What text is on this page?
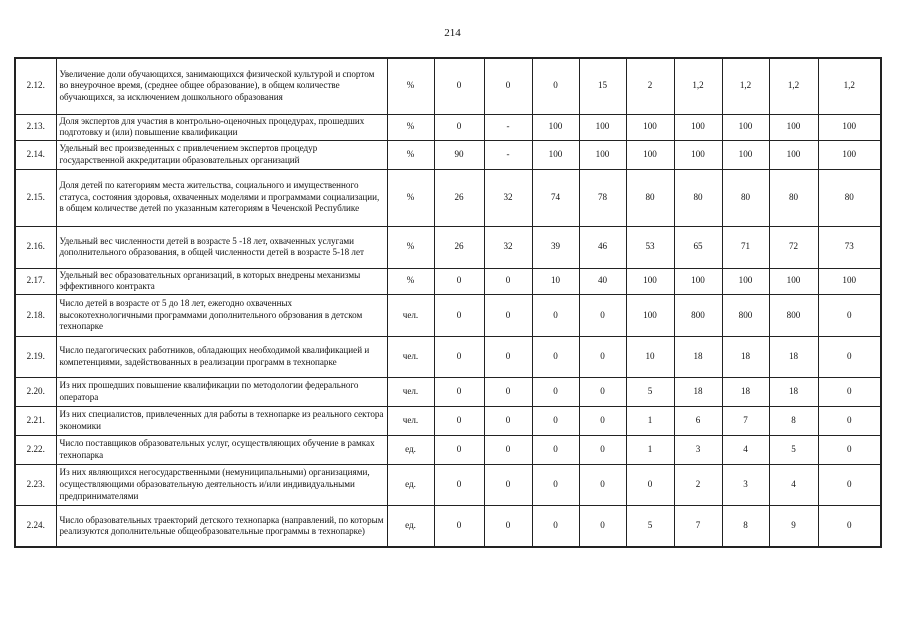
214
2.12.	Увеличение доли обучающихся, занимающихся физической культурой и спортом во внеурочное время, (среднее общее образование), в общем количестве обучающихся, за исключением дошкольного образования	%	0	0	0	15	2	1,2	1,2	1,2	1,2
2.13.	Доля экспертов для участия в контрольно-оценочных процедурах, прошедших подготовку и (или) повышение квалификации	%	0	-	100	100	100	100	100	100	100
2.14.	Удельный вес произведенных с привлечением экспертов процедур государственной аккредитации образовательных организаций	%	90	-	100	100	100	100	100	100	100
2.15.	Доля детей по категориям места жительства, социального и имущественного статуса, состояния здоровья, охваченных моделями и программами социализации, в общем количестве детей по указанным категориям в Чеченской Республике	%	26	32	74	78	80	80	80	80	80
2.16.	Удельный вес численности детей в возрасте 5 -18 лет, охваченных услугами дополнительного образования, в общей численности детей в возрасте 5-18 лет	%	26	32	39	46	53	65	71	72	73
2.17.	Удельный вес образовательных организаций, в которых внедрены механизмы эффективного контракта	%	0	0	10	40	100	100	100	100	100
2.18.	Число детей в возрасте от 5 до 18 лет, ежегодно охваченных высокотехнологичными программами дополнительного обрзования в детском технопарке	чел.	0	0	0	0	100	800	800	800	0
2.19.	Число педагогических работников, обладающих необходимой квалификацией и компетенциями, задействованных в реализации программ в технопарке	чел.	0	0	0	0	10	18	18	18	0
2.20.	Из них прошедших повышение квалификации по методологии федерального оператора	чел.	0	0	0	0	5	18	18	18	0
2.21.	Из них специалистов, привлеченных для работы в технопарке из реального сектора экономики	чел.	0	0	0	0	1	6	7	8	0
2.22.	Число поставщиков образовательных услуг, осуществляющих обучение в рамках технопарка	ед.	0	0	0	0	1	3	4	5	0
2.23.	Из них являющихся негосударственными (немуниципальными) организациями, осуществляющими образовательную деятельность и/или индивидуальными предпринимателями	ед.	0	0	0	0	0	2	3	4	0
2.24.	Число образовательных траекторий детского технопарка (направлений, по которым реализуются дополнительные общеобразовательные программы в технопарке)	ед.	0	0	0	0	5	7	8	9	0
